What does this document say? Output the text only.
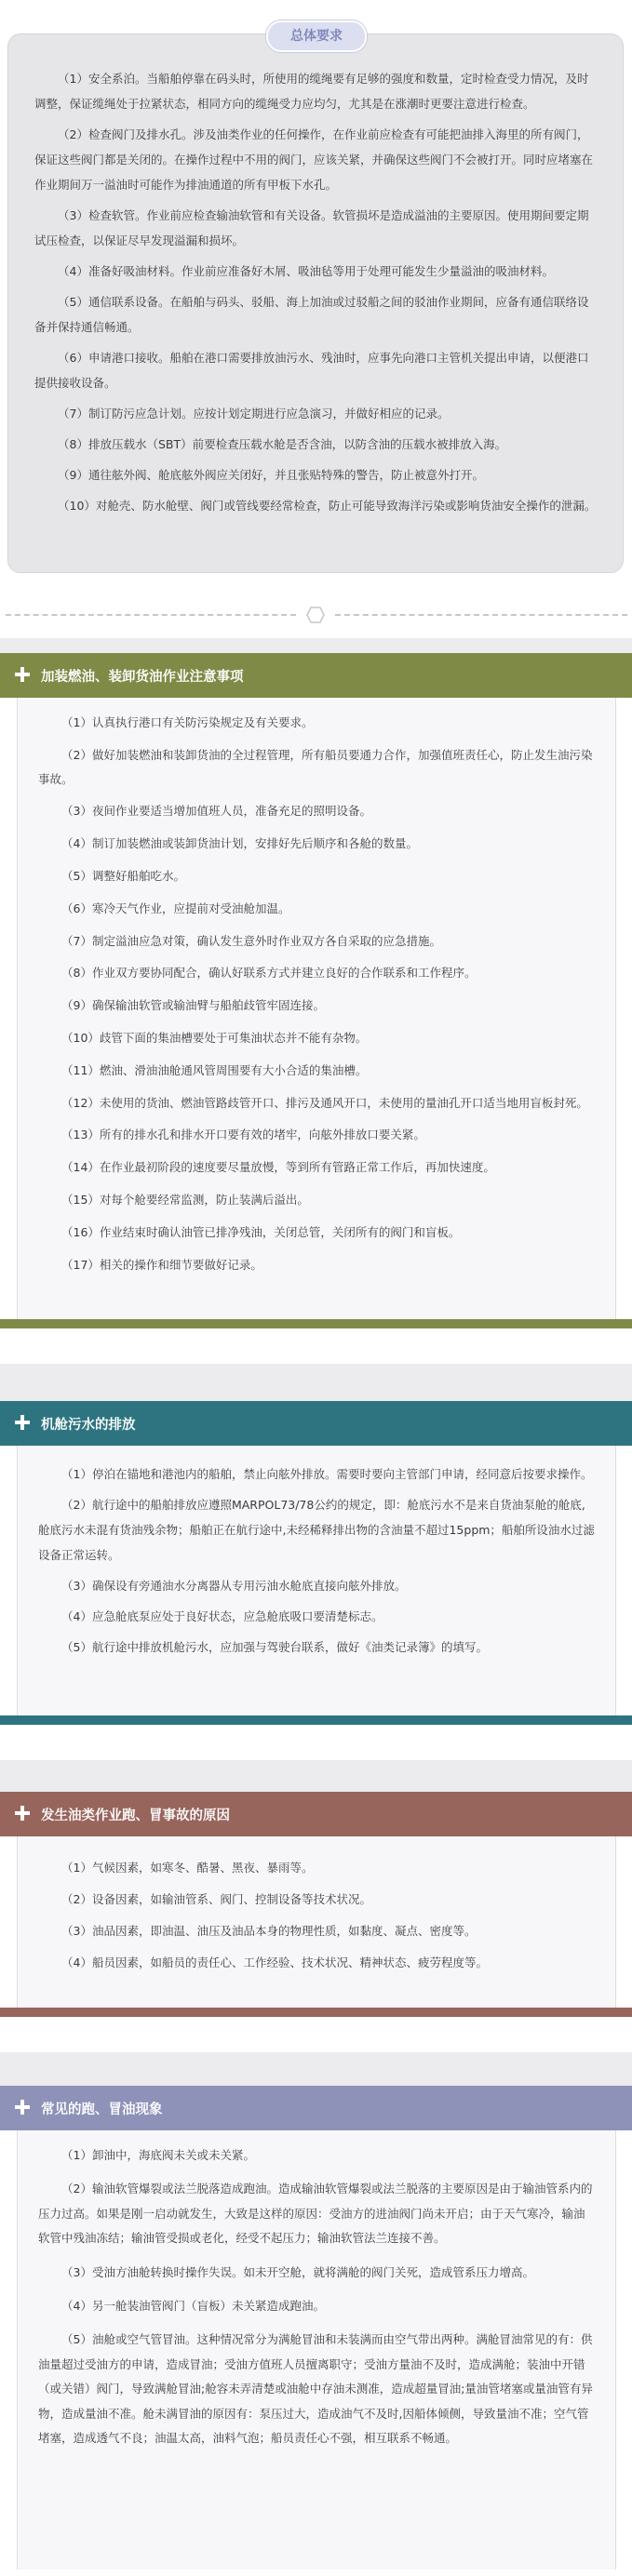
总体要求

（1）安全系泊。当船舶停靠在码头时，所使用的缆绳要有足够的强度和数量，定时检查受力情况，及时调整，保证缆绳处于拉紧状态，相同方向的缆绳受力应均匀，尤其是在涨潮时更要注意进行检查。

（2）检查阀门及排水孔。涉及油类作业的任何操作，在作业前应检查有可能把油排入海里的所有阀门，保证这些阀门都是关闭的。在操作过程中不用的阀门，应该关紧，并确保这些阀门不会被打开。同时应堵塞在作业期间万一溢油时可能作为排油通道的所有甲板下水孔。

（3）检查软管。作业前应检查输油软管和有关设备。软管损坏是造成溢油的主要原因。使用期间要定期试压检查，以保证尽早发现溢漏和损坏。

（4）准备好吸油材料。作业前应准备好木屑、吸油毡等用于处理可能发生少量溢油的吸油材料。

（5）通信联系设备。在船舶与码头、驳船、海上加油或过驳船之间的驳油作业期间，应备有通信联络设备并保持通信畅通。

（6）申请港口接收。船舶在港口需要排放油污水、残油时，应事先向港口主管机关提出申请，以便港口提供接收设备。

（7）制订防污应急计划。应按计划定期进行应急演习，并做好相应的记录。

（8）排放压载水（SBT）前要检查压载水舱是否含油，以防含油的压载水被排放入海。

（9）通往舷外阀、舱底舷外阀应关闭好，并且张贴特殊的警告，防止被意外打开。

（10）对舱壳、防水舱壁、阀门或管线要经常检查，防止可能导致海洋污染或影响货油安全操作的泄漏。

加装燃油、装卸货油作业注意事项

（1）认真执行港口有关防污染规定及有关要求。

（2）做好加装燃油和装卸货油的全过程管理，所有船员要通力合作，加强值班责任心，防止发生油污染事故。

（3）夜间作业要适当增加值班人员，准备充足的照明设备。

（4）制订加装燃油或装卸货油计划，安排好先后顺序和各舱的数量。

（5）调整好船舶吃水。

（6）寒冷天气作业，应提前对受油舱加温。

（7）制定溢油应急对策，确认发生意外时作业双方各自采取的应急措施。

（8）作业双方要协同配合，确认好联系方式并建立良好的合作联系和工作程序。

（9）确保输油软管或输油臂与船舶歧管牢固连接。

（10）歧管下面的集油槽要处于可集油状态并不能有杂物。

（11）燃油、滑油油舱通风管周围要有大小合适的集油槽。

（12）未使用的货油、燃油管路歧管开口、排污及通风开口，未使用的量油孔开口适当地用盲板封死。

（13）所有的排水孔和排水开口要有效的堵牢，向舷外排放口要关紧。

（14）在作业最初阶段的速度要尽量放慢，等到所有管路正常工作后，再加快速度。

（15）对每个舱要经常监测，防止装满后溢出。

（16）作业结束时确认油管已排净残油，关闭总管，关闭所有的阀门和盲板。

（17）相关的操作和细节要做好记录。

机舱污水的排放

（1）停泊在锚地和港池内的船舶，禁止向舷外排放。需要时要向主管部门申请，经同意后按要求操作。

（2）航行途中的船舶排放应遵照MARPOL73/78公约的规定，即：舱底污水不是来自货油泵舱的舱底,舱底污水未混有货油残余物；船舶正在航行途中,未经稀释排出物的含油量不超过15ppm；船舶所设油水过滤设备正常运转。

（3）确保设有旁通油水分离器从专用污油水舱底直接向舷外排放。

（4）应急舱底泵应处于良好状态，应急舱底吸口要清楚标志。

（5）航行途中排放机舱污水，应加强与驾驶台联系，做好《油类记录簿》的填写。

发生油类作业跑、冒事故的原因

（1）气候因素，如寒冬、酷暑、黑夜、暴雨等。

（2）设备因素，如输油管系、阀门、控制设备等技术状况。

（3）油品因素，即油温、油压及油品本身的物理性质，如黏度、凝点、密度等。

（4）船员因素，如船员的责任心、工作经验、技术状况、精神状态、疲劳程度等。

常见的跑、冒油现象

（1）卸油中，海底阀未关或未关紧。

（2）输油软管爆裂或法兰脱落造成跑油。造成输油软管爆裂或法兰脱落的主要原因是由于输油管系内的压力过高。如果是刚一启动就发生，大致是这样的原因：受油方的进油阀门尚未开启；由于天气寒冷，输油软管中残油冻结；输油管受损或老化，经受不起压力；输油软管法兰连接不善。

（3）受油方油舱转换时操作失误。如未开空舱，就将满舱的阀门关死，造成管系压力增高。

（4）另一舱装油管阀门（盲板）未关紧造成跑油。

（5）油舱或空气管冒油。这种情况常分为满舱冒油和未装满而由空气带出两种。满舱冒油常见的有：供油量超过受油方的申请，造成冒油；受油方值班人员擅离职守；受油方量油不及时，造成满舱；装油中开错（或关错）阀门，导致满舱冒油;舱容未弄清楚或油舱中存油未测准，造成超量冒油;量油管堵塞或量油管有异物，造成量油不准。舱未满冒油的原因有：泵压过大，造成油气不及时,因船体倾侧，导致量油不准；空气管堵塞，造成透气不良；油温太高，油料气泡；船员责任心不强，相互联系不畅通。
